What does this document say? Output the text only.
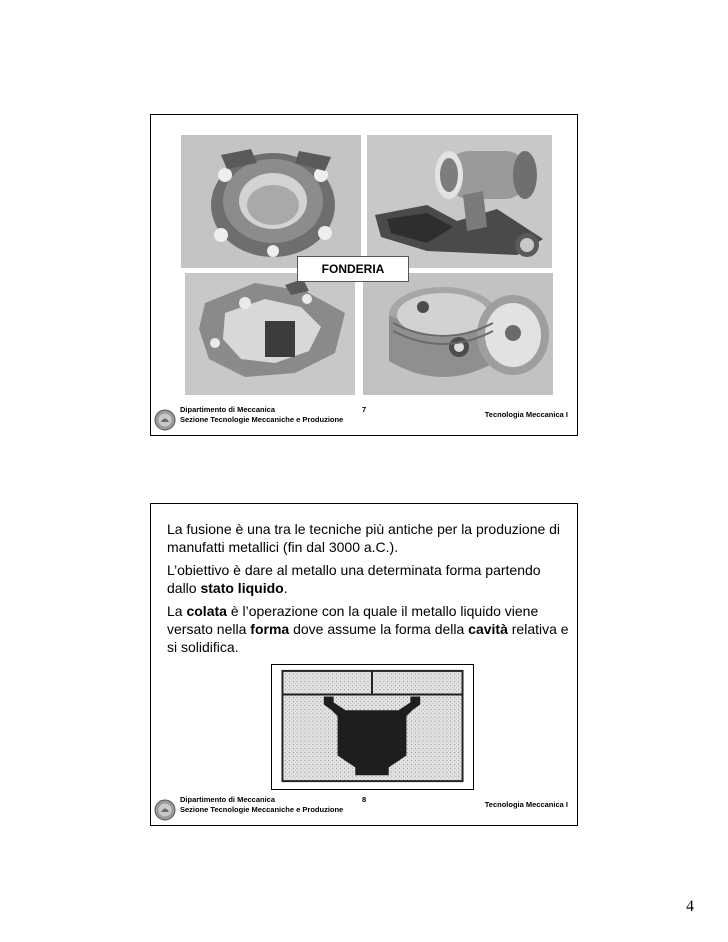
FONDERIA
Dipartimento di Meccanica
Sezione Tecnologie Meccaniche e Produzione
7
Tecnologia Meccanica I

La fusione è una tra le tecniche più antiche per la produzione di manufatti metallici (fin dal 3000 a.C.).

L’obiettivo è dare al metallo una determinata forma partendo dallo stato liquido.

La colata è l’operazione con la quale il metallo liquido viene versato nella forma dove assume la forma della cavità relativa e si solidifica.

Dipartimento di Meccanica
Sezione Tecnologie Meccaniche e Produzione
8
Tecnologia Meccanica I
4
